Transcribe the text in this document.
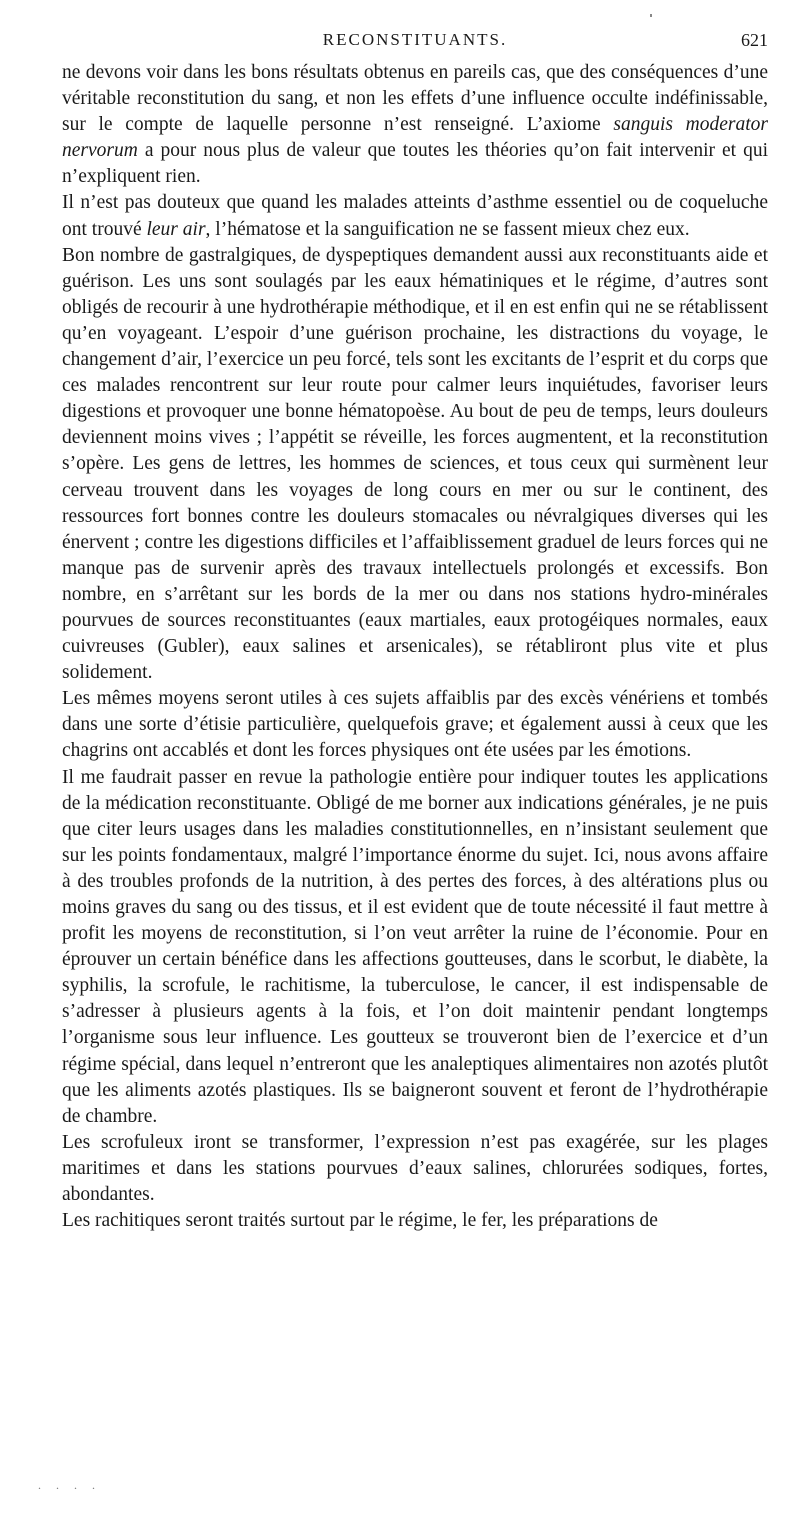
RECONSTITUANTS.	621

ne devons voir dans les bons résultats obtenus en pareils cas, que des conséquences d’une véritable reconstitution du sang, et non les effets d’une influence occulte indéfinissable, sur le compte de laquelle personne n’est renseigné. L’axiome sanguis moderator nervorum a pour nous plus de valeur que toutes les théories qu’on fait intervenir et qui n’expliquent rien.

Il n’est pas douteux que quand les malades atteints d’asthme essentiel ou de coqueluche ont trouvé leur air, l’hématose et la sanguification ne se fassent mieux chez eux.

Bon nombre de gastralgiques, de dyspeptiques demandent aussi aux reconstituants aide et guérison. Les uns sont soulagés par les eaux hématiniques et le régime, d’autres sont obligés de recourir à une hydrothérapie méthodique, et il en est enfin qui ne se rétablissent qu’en voyageant. L’espoir d’une guérison prochaine, les distractions du voyage, le changement d’air, l’exercice un peu forcé, tels sont les excitants de l’esprit et du corps que ces malades rencontrent sur leur route pour calmer leurs inquiétudes, favoriser leurs digestions et provoquer une bonne hématopoèse. Au bout de peu de temps, leurs douleurs deviennent moins vives ; l’appétit se réveille, les forces augmentent, et la reconstitution s’opère. Les gens de lettres, les hommes de sciences, et tous ceux qui surmènent leur cerveau trouvent dans les voyages de long cours en mer ou sur le continent, des ressources fort bonnes contre les douleurs stomacales ou névralgiques diverses qui les énervent ; contre les digestions difficiles et l’affaiblissement graduel de leurs forces qui ne manque pas de survenir après des travaux intellectuels prolongés et excessifs. Bon nombre, en s’arrêtant sur les bords de la mer ou dans nos stations hydro-minérales pourvues de sources reconstituantes (eaux martiales, eaux protogéiques normales, eaux cuivreuses (Gubler), eaux salines et arsenicales), se rétabliront plus vite et plus solidement.

Les mêmes moyens seront utiles à ces sujets affaiblis par des excès vénériens et tombés dans une sorte d’étisie particulière, quelquefois grave; et également aussi à ceux que les chagrins ont accablés et dont les forces physiques ont éte usées par les émotions.

Il me faudrait passer en revue la pathologie entière pour indiquer toutes les applications de la médication reconstituante. Obligé de me borner aux indications générales, je ne puis que citer leurs usages dans les maladies constitutionnelles, en n’insistant seulement que sur les points fondamentaux, malgré l’importance énorme du sujet. Ici, nous avons affaire à des troubles profonds de la nutrition, à des pertes des forces, à des altérations plus ou moins graves du sang ou des tissus, et il est evident que de toute nécessité il faut mettre à profit les moyens de reconstitution, si l’on veut arrêter la ruine de l’économie. Pour en éprouver un certain bénéfice dans les affections goutteuses, dans le scorbut, le diabète, la syphilis, la scrofule, le rachitisme, la tuberculose, le cancer, il est indispensable de s’adresser à plusieurs agents à la fois, et l’on doit maintenir pendant longtemps l’organisme sous leur influence. Les goutteux se trouveront bien de l’exercice et d’un régime spécial, dans lequel n’entreront que les analeptiques alimentaires non azotés plutôt que les aliments azotés plastiques. Ils se baigneront souvent et feront de l’hydrothérapie de chambre.

Les scrofuleux iront se transformer, l’expression n’est pas exagérée, sur les plages maritimes et dans les stations pourvues d’eaux salines, chlorurées sodiques, fortes, abondantes.

Les rachitiques seront traités surtout par le régime, le fer, les préparations de

. . . .
